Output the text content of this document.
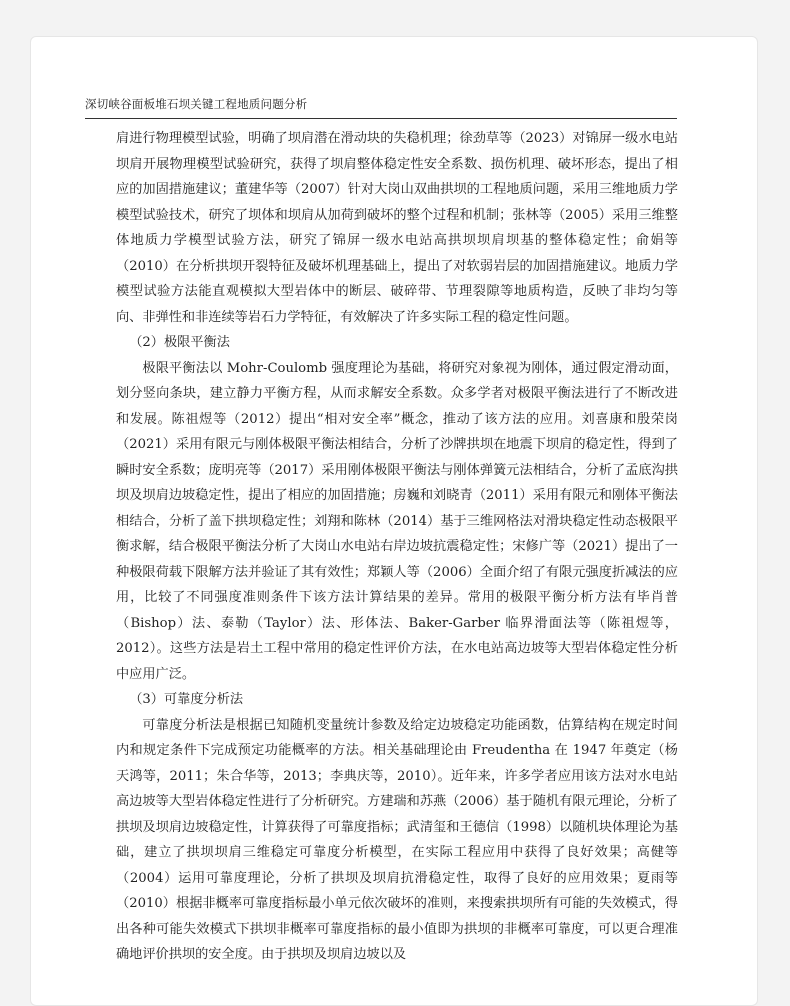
深切峡谷面板堆石坝关键工程地质问题分析

肩进行物理模型试验，明确了坝肩潜在滑动块的失稳机理；徐劲草等（2023）对锦屏一级水电站坝肩开展物理模型试验研究，获得了坝肩整体稳定性安全系数、损伤机理、破坏形态，提出了相应的加固措施建议；董建华等（2007）针对大岗山双曲拱坝的工程地质问题，采用三维地质力学模型试验技术，研究了坝体和坝肩从加荷到破坏的整个过程和机制；张林等（2005）采用三维整体地质力学模型试验方法，研究了锦屏一级水电站高拱坝坝肩坝基的整体稳定性；俞娟等（2010）在分析拱坝开裂特征及破坏机理基础上，提出了对软弱岩层的加固措施建议。地质力学模型试验方法能直观模拟大型岩体中的断层、破碎带、节理裂隙等地质构造，反映了非均匀等向、非弹性和非连续等岩石力学特征，有效解决了许多实际工程的稳定性问题。

（2）极限平衡法

极限平衡法以 Mohr-Coulomb 强度理论为基础，将研究对象视为刚体，通过假定滑动面，划分竖向条块，建立静力平衡方程，从而求解安全系数。众多学者对极限平衡法进行了不断改进和发展。陈祖煜等（2012）提出“相对安全率”概念，推动了该方法的应用。刘喜康和殷荣岗（2021）采用有限元与刚体极限平衡法相结合，分析了沙牌拱坝在地震下坝肩的稳定性，得到了瞬时安全系数；庞明亮等（2017）采用刚体极限平衡法与刚体弹簧元法相结合，分析了孟底沟拱坝及坝肩边坡稳定性，提出了相应的加固措施；房巍和刘晓青（2011）采用有限元和刚体平衡法相结合，分析了盖下拱坝稳定性；刘翔和陈林（2014）基于三维网格法对滑块稳定性动态极限平衡求解，结合极限平衡法分析了大岗山水电站右岸边坡抗震稳定性；宋修广等（2021）提出了一种极限荷载下限解方法并验证了其有效性；郑颖人等（2006）全面介绍了有限元强度折减法的应用，比较了不同强度准则条件下该方法计算结果的差异。常用的极限平衡分析方法有毕肖普（Bishop）法、泰勒（Taylor）法、形体法、Baker-Garber 临界滑面法等（陈祖煜等，2012）。这些方法是岩土工程中常用的稳定性评价方法，在水电站高边坡等大型岩体稳定性分析中应用广泛。

（3）可靠度分析法

可靠度分析法是根据已知随机变量统计参数及给定边坡稳定功能函数，估算结构在规定时间内和规定条件下完成预定功能概率的方法。相关基础理论由 Freudentha 在 1947 年奠定（杨天鸿等，2011；朱合华等，2013；李典庆等，2010）。近年来，许多学者应用该方法对水电站高边坡等大型岩体稳定性进行了分析研究。方建瑞和苏燕（2006）基于随机有限元理论，分析了拱坝及坝肩边坡稳定性，计算获得了可靠度指标；武清玺和王德信（1998）以随机块体理论为基础，建立了拱坝坝肩三维稳定可靠度分析模型，在实际工程应用中获得了良好效果；高健等（2004）运用可靠度理论，分析了拱坝及坝肩抗滑稳定性，取得了良好的应用效果；夏雨等（2010）根据非概率可靠度指标最小单元依次破坏的准则，来搜索拱坝所有可能的失效模式，得出各种可能失效模式下拱坝非概率可靠度指标的最小值即为拱坝的非概率可靠度，可以更合理准确地评价拱坝的安全度。由于拱坝及坝肩边坡以及
